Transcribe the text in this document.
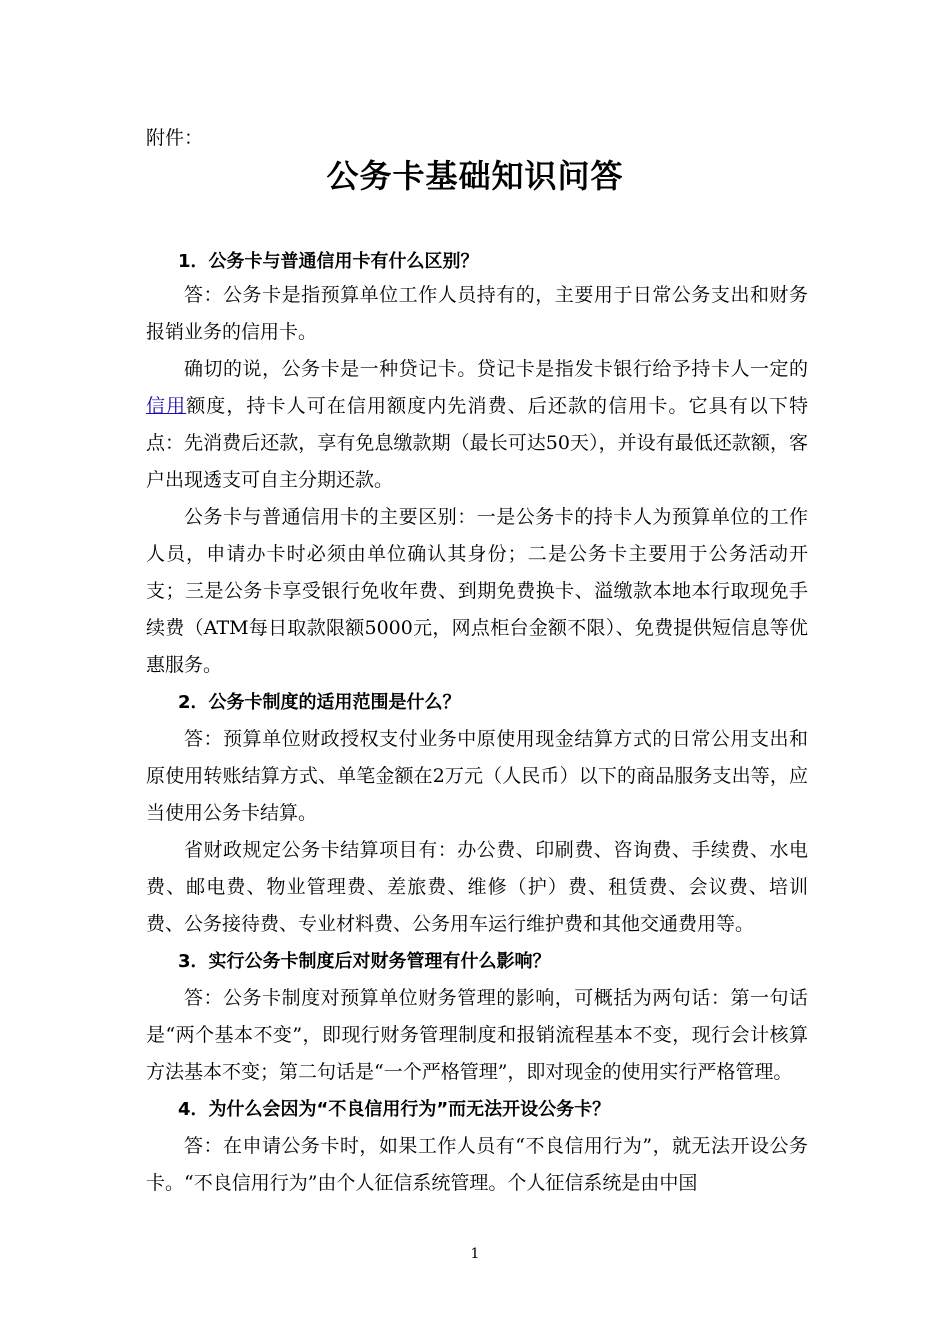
附件：
公务卡基础知识问答

1．公务卡与普通信用卡有什么区别？

答：公务卡是指预算单位工作人员持有的，主要用于日常公务支出和财务报销业务的信用卡。

确切的说，公务卡是一种贷记卡。贷记卡是指发卡银行给予持卡人一定的信用额度，持卡人可在信用额度内先消费、后还款的信用卡。它具有以下特点：先消费后还款，享有免息缴款期（最长可达50天），并设有最低还款额，客户出现透支可自主分期还款。

公务卡与普通信用卡的主要区别：一是公务卡的持卡人为预算单位的工作人员，申请办卡时必须由单位确认其身份；二是公务卡主要用于公务活动开支；三是公务卡享受银行免收年费、到期免费换卡、溢缴款本地本行取现免手续费（ATM每日取款限额5000元，网点柜台金额不限）、免费提供短信息等优惠服务。

2．公务卡制度的适用范围是什么？

答：预算单位财政授权支付业务中原使用现金结算方式的日常公用支出和原使用转账结算方式、单笔金额在2万元（人民币）以下的商品服务支出等，应当使用公务卡结算。

省财政规定公务卡结算项目有：办公费、印刷费、咨询费、手续费、水电费、邮电费、物业管理费、差旅费、维修（护）费、租赁费、会议费、培训费、公务接待费、专业材料费、公务用车运行维护费和其他交通费用等。

3．实行公务卡制度后对财务管理有什么影响？

答：公务卡制度对预算单位财务管理的影响，可概括为两句话：第一句话是“两个基本不变”，即现行财务管理制度和报销流程基本不变，现行会计核算方法基本不变；第二句话是“一个严格管理”，即对现金的使用实行严格管理。

4．为什么会因为“不良信用行为”而无法开设公务卡？

答：在申请公务卡时，如果工作人员有“不良信用行为”，就无法开设公务卡。“不良信用行为”由个人征信系统管理。个人征信系统是由中国

1
